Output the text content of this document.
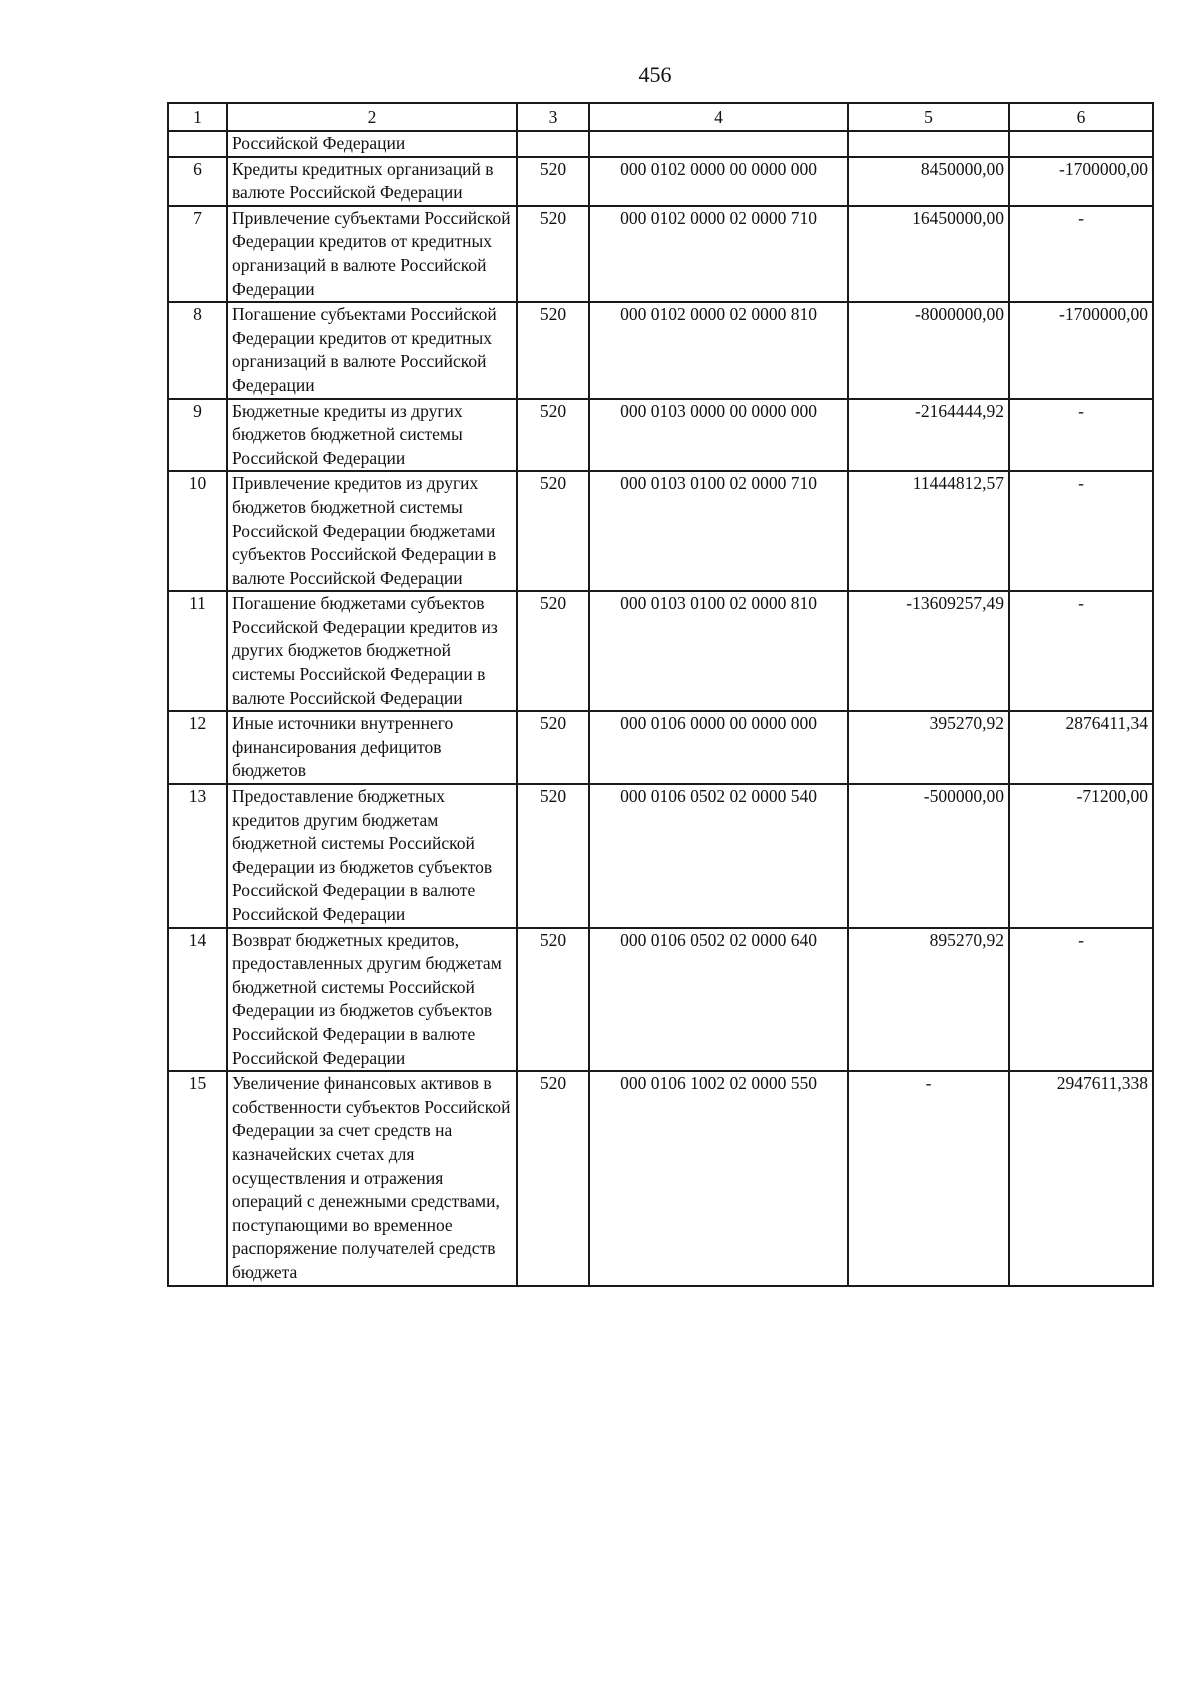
456
1	2	3	4	5	6
	Российской Федерации				
6	Кредиты кредитных организаций в валюте Российской Федерации	520	000 0102 0000 00 0000 000	8450000,00	-1700000,00
7	Привлечение субъектами Российской Федерации кредитов от кредитных организаций в валюте Российской Федерации	520	000 0102 0000 02 0000 710	16450000,00	-
8	Погашение субъектами Российской Федерации кредитов от кредитных организаций в валюте Российской Федерации	520	000 0102 0000 02 0000 810	-8000000,00	-1700000,00
9	Бюджетные кредиты из других бюджетов бюджетной системы Российской Федерации	520	000 0103 0000 00 0000 000	-2164444,92	-
10	Привлечение кредитов из других бюджетов бюджетной системы Российской Федерации бюджетами субъектов Российской Федерации в валюте Российской Федерации	520	000 0103 0100 02 0000 710	11444812,57	-
11	Погашение бюджетами субъектов Российской Федерации кредитов из других бюджетов бюджетной системы Российской Федерации в валюте Российской Федерации	520	000 0103 0100 02 0000 810	-13609257,49	-
12	Иные источники внутреннего финансирования дефицитов бюджетов	520	000 0106 0000 00 0000 000	395270,92	2876411,34
13	Предоставление бюджетных кредитов другим бюджетам бюджетной системы Российской Федерации из бюджетов субъектов Российской Федерации в валюте Российской Федерации	520	000 0106 0502 02 0000 540	-500000,00	-71200,00
14	Возврат бюджетных кредитов, предоставленных другим бюджетам бюджетной системы Российской Федерации из бюджетов субъектов Российской Федерации в валюте Российской Федерации	520	000 0106 0502 02 0000 640	895270,92	-
15	Увеличение финансовых активов в собственности субъектов Российской Федерации за счет средств на казначейских счетах для осуществления и отражения операций с денежными средствами, поступающими во временное распоряжение получателей средств бюджета	520	000 0106 1002 02 0000 550	-	2947611,338
